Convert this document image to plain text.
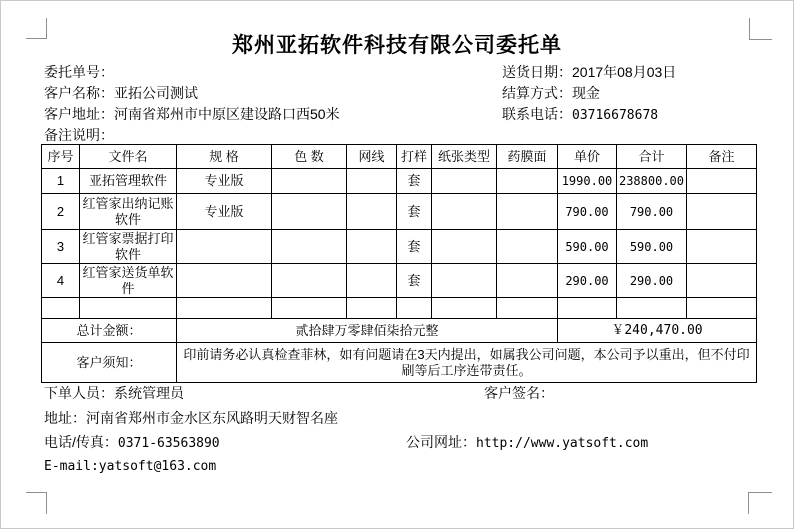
郑州亚拓软件科技有限公司委托单
委托单号：
客户名称：亚拓公司测试
客户地址：河南省郑州市中原区建设路口西50米
备注说明：
送货日期：2017年08月03日
结算方式：现金
联系电话：03716678678
序号	文件名	规 格	色 数	网线	打样	纸张类型	药膜面	单价	合计	备注
1	亚拓管理软件	专业版			套			1990.00	238800.00	
2	红管家出纳记账软件	专业版			套			790.00	790.00	
3	红管家票据打印软件				套			590.00	590.00	
4	红管家送货单软件				套			290.00	290.00	

总计金额：		贰拾肆万零肆佰柒拾元整						￥240,470.00		
客户须知：		印前请务必认真检查菲林，如有问题请在3天内提出，如属我公司问题，本公司予以重出，但不付印刷等后工序连带责任。								
下单人员：系统管理员	客户签名：
地址：河南省郑州市金水区东风路明天财智名座
电话/传真：0371-63563890	公司网址：http://www.yatsoft.com
E-mail:yatsoft@163.com
